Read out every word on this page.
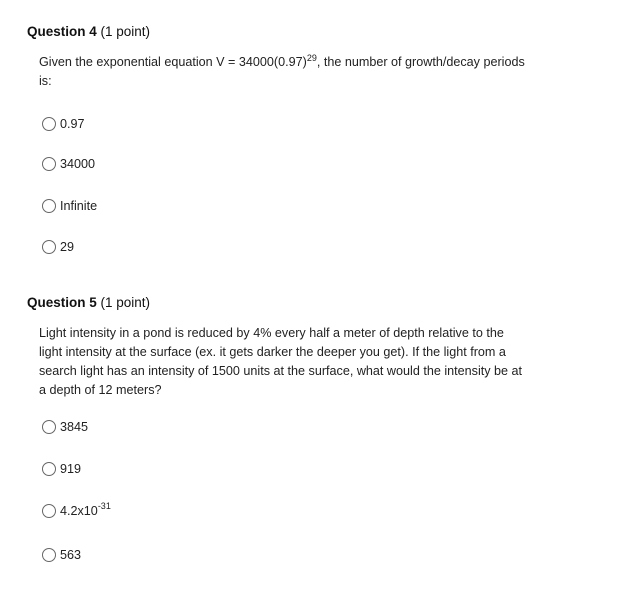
Question 4 (1 point)
Given the exponential equation $V = 34000(0.97)^{29}$, the number of growth/decay periods is:
0.97
34000
Infinite
29
Question 5 (1 point)
Light intensity in a pond is reduced by 4% every half a meter of depth relative to the light intensity at the surface (ex. it gets darker the deeper you get). If the light from a search light has an intensity of 1500 units at the surface, what would the intensity be at a depth of 12 meters?
3845
919
$4.2x10^{-31}$
563
